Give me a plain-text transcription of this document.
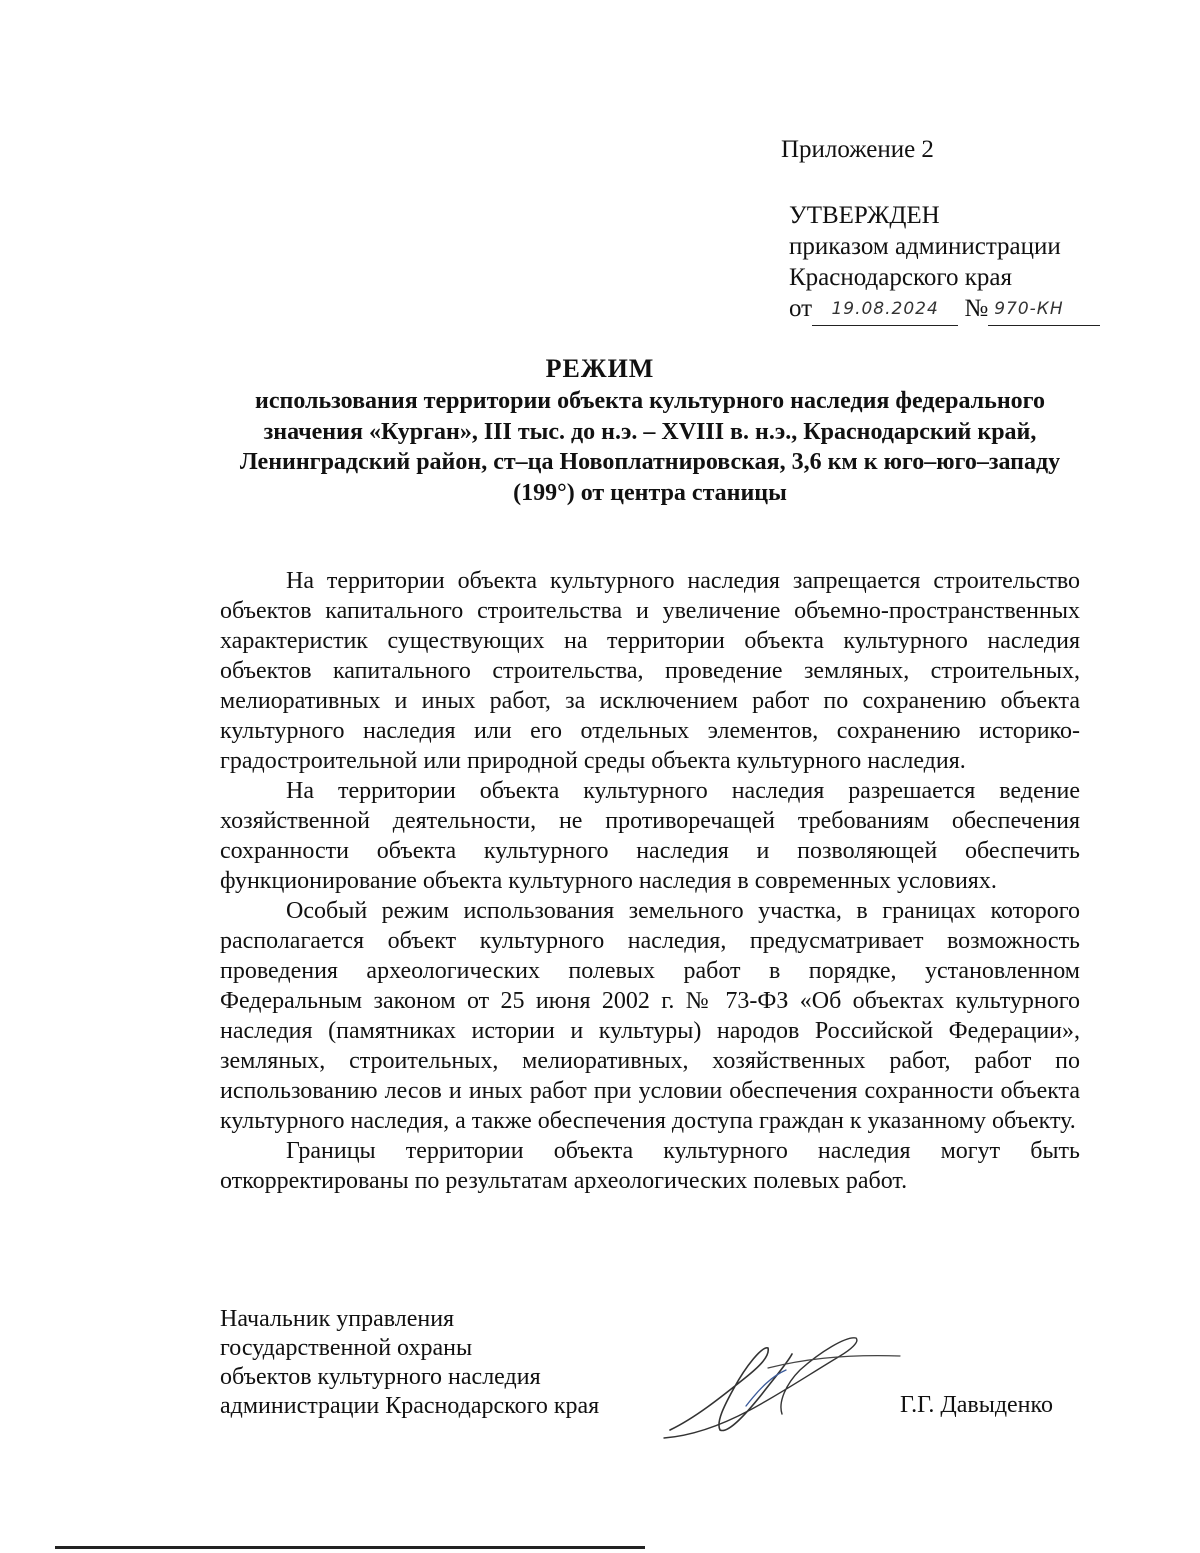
Приложение 2
УТВЕРЖДЕН
приказом администрации
Краснодарского края
от 19.08.2024 № 970-КН
РЕЖИМ
использования территории объекта культурного наследия федерального значения «Курган», III тыс. до н.э. – XVIII в. н.э., Краснодарский край, Ленинградский район, ст–ца Новоплатнировская, 3,6 км к юго–юго–западу (199°) от центра станицы

На территории объекта культурного наследия запрещается строительство объектов капитального строительства и увеличение объемно-пространственных характеристик существующих на территории объекта культурного наследия объектов капитального строительства, проведение земляных, строительных, мелиоративных и иных работ, за исключением работ по сохранению объекта культурного наследия или его отдельных элементов, сохранению историко-градостроительной или природной среды объекта культурного наследия.

На территории объекта культурного наследия разрешается ведение хозяйственной деятельности, не противоречащей требованиям обеспечения сохранности объекта культурного наследия и позволяющей обеспечить функционирование объекта культурного наследия в современных условиях.

Особый режим использования земельного участка, в границах которого располагается объект культурного наследия, предусматривает возможность проведения археологических полевых работ в порядке, установленном Федеральным законом от 25 июня 2002 г. № 73-ФЗ «Об объектах культурного наследия (памятниках истории и культуры) народов Российской Федерации», земляных, строительных, мелиоративных, хозяйственных работ, работ по использованию лесов и иных работ при условии обеспечения сохранности объекта культурного наследия, а также обеспечения доступа граждан к указанному объекту.

Границы территории объекта культурного наследия могут быть откорректированы по результатам археологических полевых работ.

Начальник управления
государственной охраны
объектов культурного наследия
администрации Краснодарского края	Г.Г. Давыденко
